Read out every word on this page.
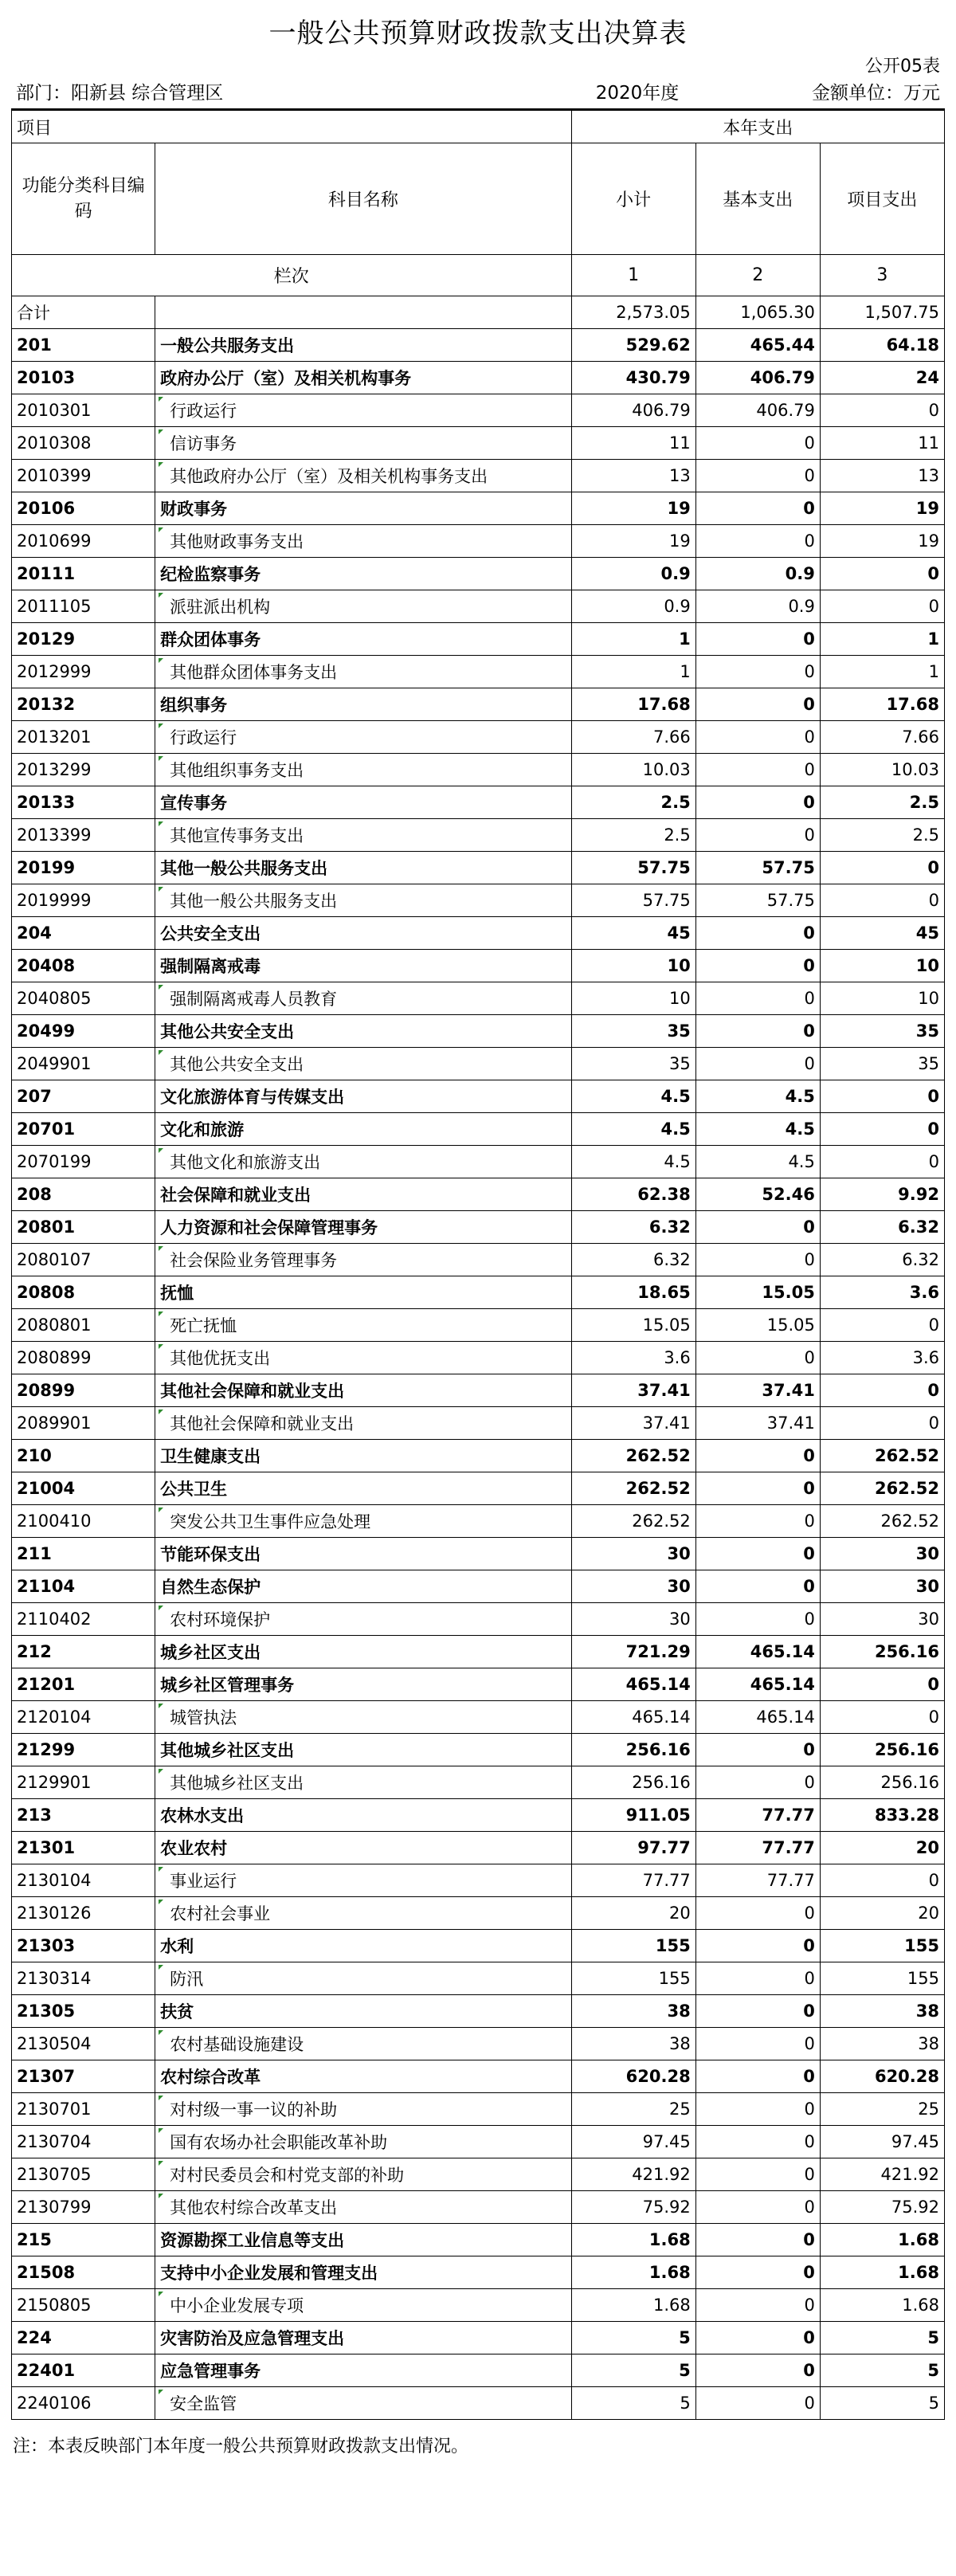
一般公共预算财政拨款支出决算表
公开05表
部门：阳新县 综合管理区	2020年度	金额单位：万元
项目		本年支出		
功能分类科目编码	科目名称	小计	基本支出	项目支出
栏次		1	2	3
合计		2,573.05	1,065.30	1,507.75
201	一般公共服务支出	529.62	465.44	64.18
20103	政府办公厅（室）及相关机构事务	430.79	406.79	24
2010301	行政运行	406.79	406.79	0
2010308	信访事务	11	0	11
2010399	其他政府办公厅（室）及相关机构事务支出	13	0	13
20106	财政事务	19	0	19
2010699	其他财政事务支出	19	0	19
20111	纪检监察事务	0.9	0.9	0
2011105	派驻派出机构	0.9	0.9	0
20129	群众团体事务	1	0	1
2012999	其他群众团体事务支出	1	0	1
20132	组织事务	17.68	0	17.68
2013201	行政运行	7.66	0	7.66
2013299	其他组织事务支出	10.03	0	10.03
20133	宣传事务	2.5	0	2.5
2013399	其他宣传事务支出	2.5	0	2.5
20199	其他一般公共服务支出	57.75	57.75	0
2019999	其他一般公共服务支出	57.75	57.75	0
204	公共安全支出	45	0	45
20408	强制隔离戒毒	10	0	10
2040805	强制隔离戒毒人员教育	10	0	10
20499	其他公共安全支出	35	0	35
2049901	其他公共安全支出	35	0	35
207	文化旅游体育与传媒支出	4.5	4.5	0
20701	文化和旅游	4.5	4.5	0
2070199	其他文化和旅游支出	4.5	4.5	0
208	社会保障和就业支出	62.38	52.46	9.92
20801	人力资源和社会保障管理事务	6.32	0	6.32
2080107	社会保险业务管理事务	6.32	0	6.32
20808	抚恤	18.65	15.05	3.6
2080801	死亡抚恤	15.05	15.05	0
2080899	其他优抚支出	3.6	0	3.6
20899	其他社会保障和就业支出	37.41	37.41	0
2089901	其他社会保障和就业支出	37.41	37.41	0
210	卫生健康支出	262.52	0	262.52
21004	公共卫生	262.52	0	262.52
2100410	突发公共卫生事件应急处理	262.52	0	262.52
211	节能环保支出	30	0	30
21104	自然生态保护	30	0	30
2110402	农村环境保护	30	0	30
212	城乡社区支出	721.29	465.14	256.16
21201	城乡社区管理事务	465.14	465.14	0
2120104	城管执法	465.14	465.14	0
21299	其他城乡社区支出	256.16	0	256.16
2129901	其他城乡社区支出	256.16	0	256.16
213	农林水支出	911.05	77.77	833.28
21301	农业农村	97.77	77.77	20
2130104	事业运行	77.77	77.77	0
2130126	农村社会事业	20	0	20
21303	水利	155	0	155
2130314	防汛	155	0	155
21305	扶贫	38	0	38
2130504	农村基础设施建设	38	0	38
21307	农村综合改革	620.28	0	620.28
2130701	对村级一事一议的补助	25	0	25
2130704	国有农场办社会职能改革补助	97.45	0	97.45
2130705	对村民委员会和村党支部的补助	421.92	0	421.92
2130799	其他农村综合改革支出	75.92	0	75.92
215	资源勘探工业信息等支出	1.68	0	1.68
21508	支持中小企业发展和管理支出	1.68	0	1.68
2150805	中小企业发展专项	1.68	0	1.68
224	灾害防治及应急管理支出	5	0	5
22401	应急管理事务	5	0	5
2240106	安全监管	5	0	5
注：本表反映部门本年度一般公共预算财政拨款支出情况。
